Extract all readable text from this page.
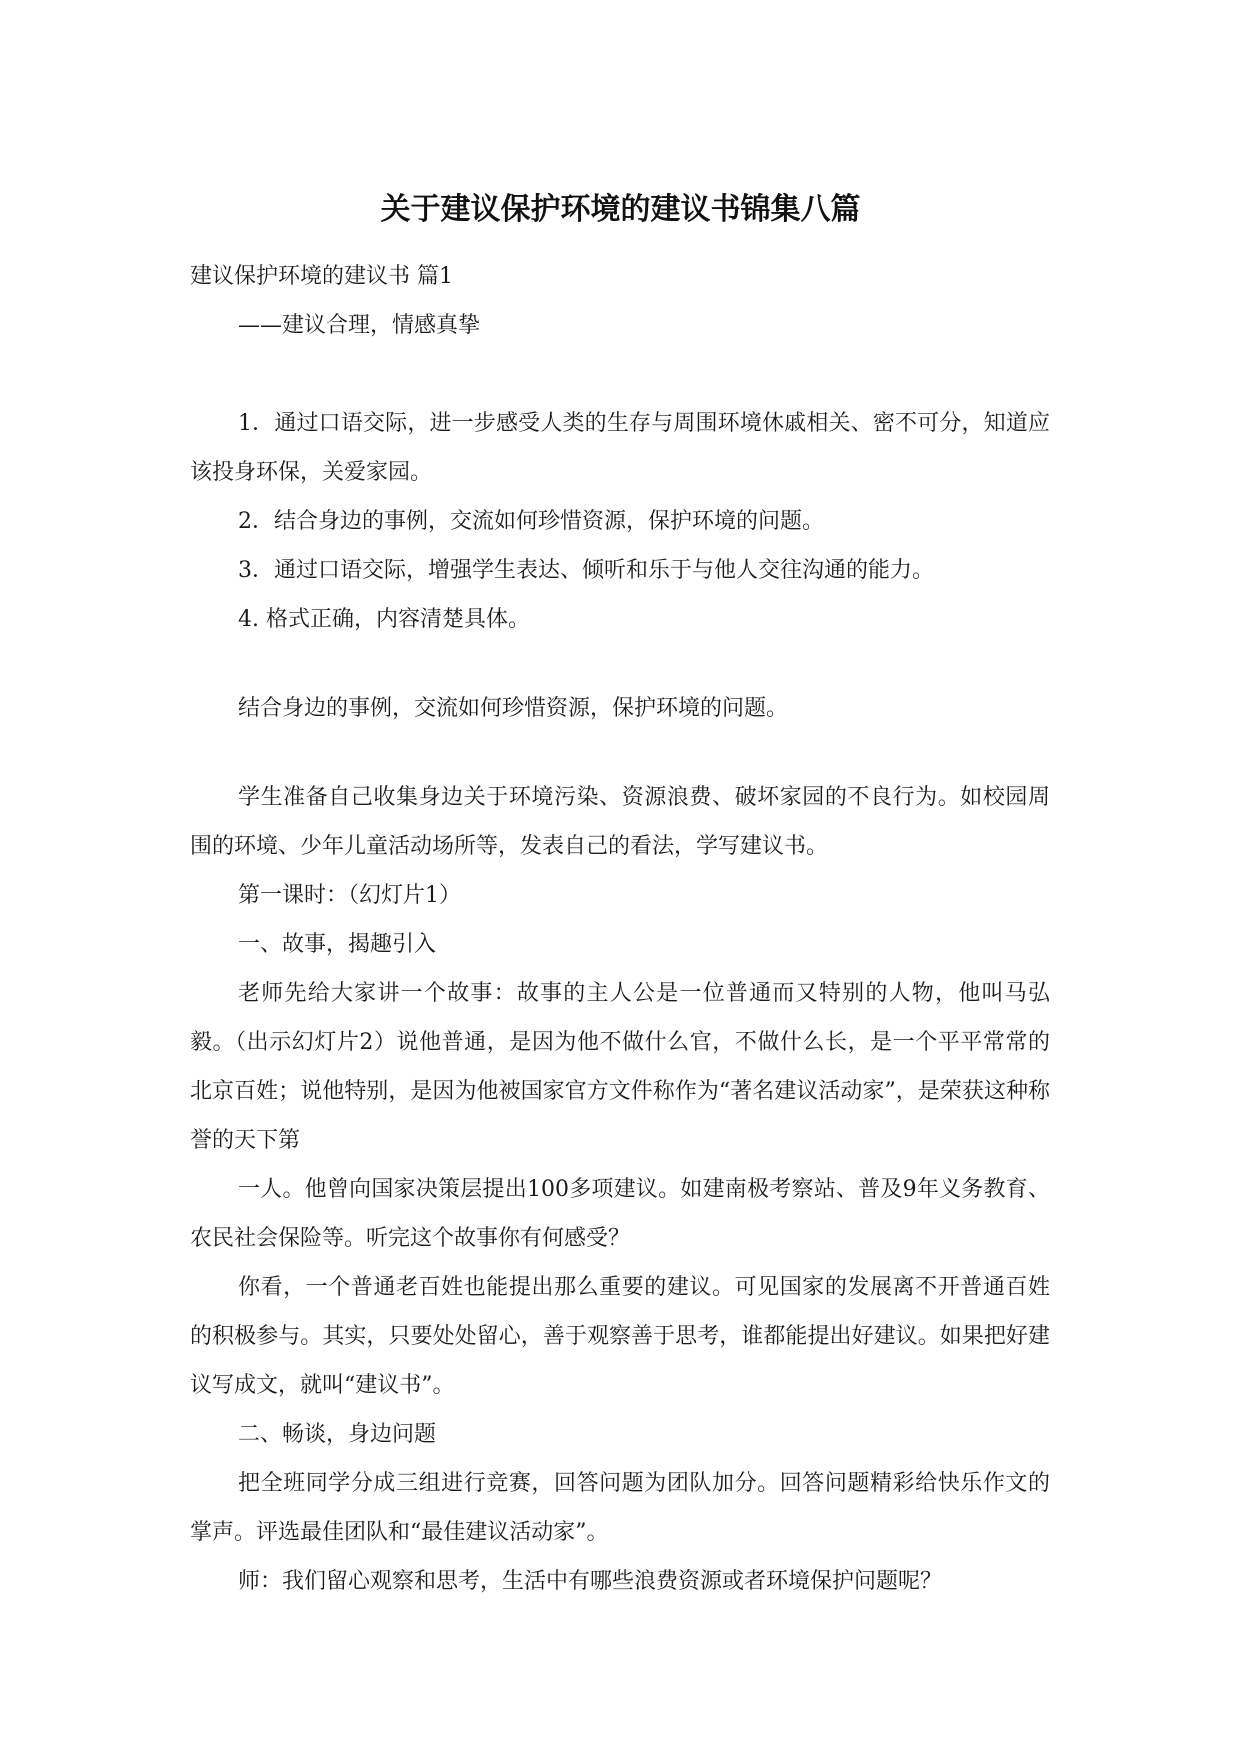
关于建议保护环境的建议书锦集八篇

建议保护环境的建议书 篇1

——建议合理，情感真挚

1．通过口语交际，进一步感受人类的生存与周围环境休戚相关、密不可分，知道应该投身环保，关爱家园。

2．结合身边的事例，交流如何珍惜资源，保护环境的问题。

3．通过口语交际，增强学生表达、倾听和乐于与他人交往沟通的能力。

4. 格式正确，内容清楚具体。

结合身边的事例，交流如何珍惜资源，保护环境的问题。

学生准备自己收集身边关于环境污染、资源浪费、破坏家园的不良行为。如校园周围的环境、少年儿童活动场所等，发表自己的看法，学写建议书。

第一课时：（幻灯片1）

一、故事，揭趣引入

老师先给大家讲一个故事：故事的主人公是一位普通而又特别的人物，他叫马弘毅。（出示幻灯片2）说他普通，是因为他不做什么官，不做什么长，是一个平平常常的北京百姓；说他特别，是因为他被国家官方文件称作为“著名建议活动家”，是荣获这种称誉的天下第

一人。他曾向国家决策层提出100多项建议。如建南极考察站、普及9年义务教育、农民社会保险等。听完这个故事你有何感受？

你看，一个普通老百姓也能提出那么重要的建议。可见国家的发展离不开普通百姓的积极参与。其实，只要处处留心，善于观察善于思考，谁都能提出好建议。如果把好建议写成文，就叫“建议书”。

二、畅谈，身边问题

把全班同学分成三组进行竞赛，回答问题为团队加分。回答问题精彩给快乐作文的掌声。评选最佳团队和“最佳建议活动家”。

师：我们留心观察和思考，生活中有哪些浪费资源或者环境保护问题呢？
